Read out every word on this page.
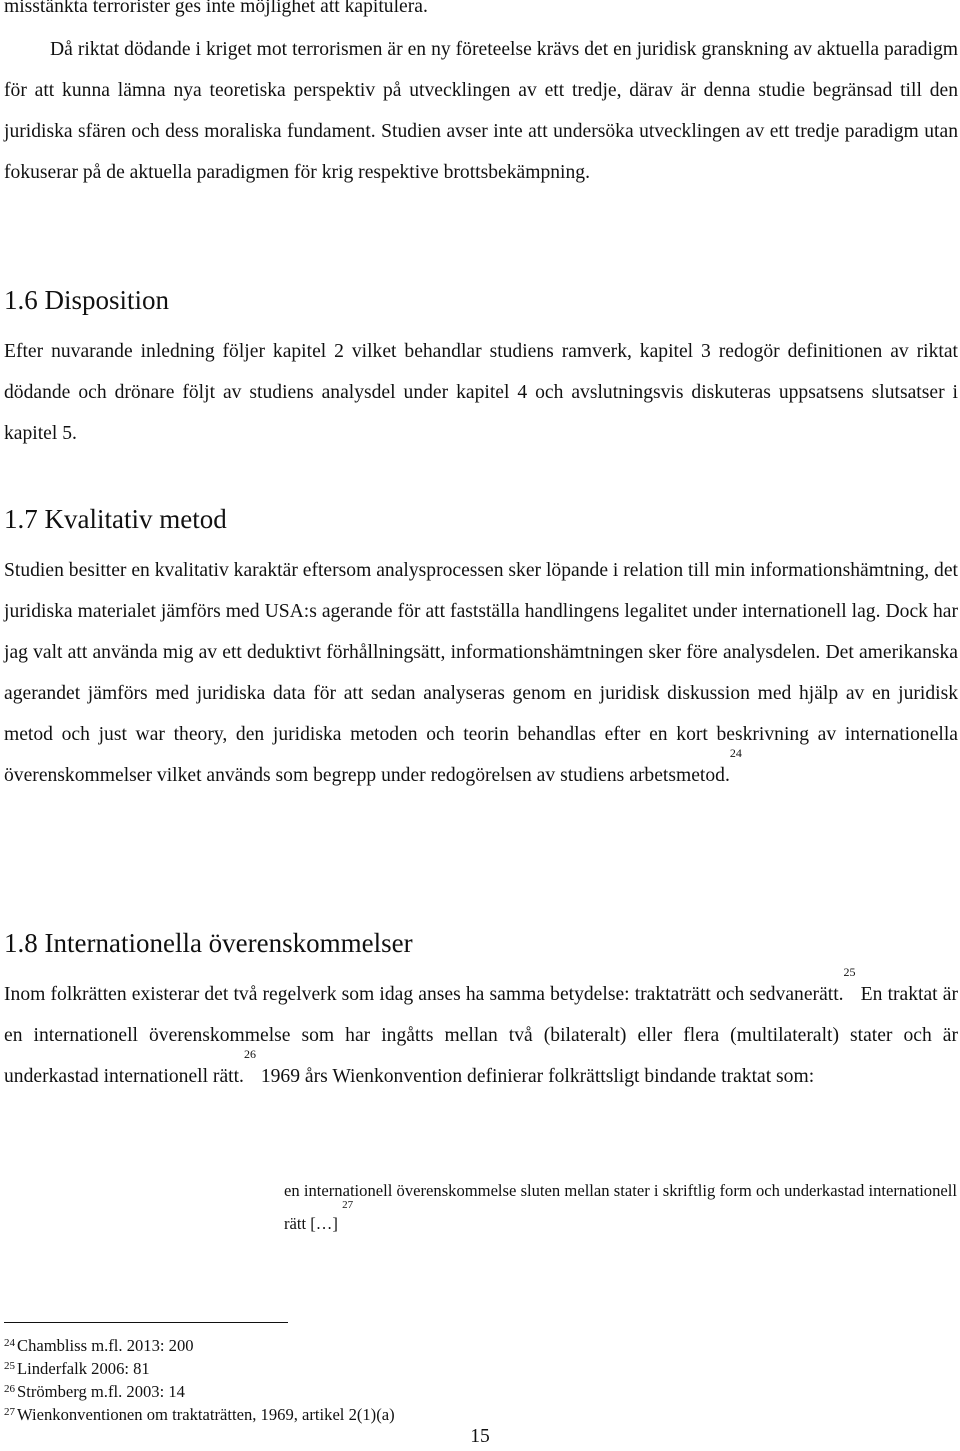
misstänkta terrorister ges inte möjlighet att kapitulera.

Då riktat dödande i kriget mot terrorismen är en ny företeelse krävs det en juridisk granskning av aktuella paradigm för att kunna lämna nya teoretiska perspektiv på utvecklingen av ett tredje, därav är denna studie begränsad till den juridiska sfären och dess moraliska fundament. Studien avser inte att undersöka utvecklingen av ett tredje paradigm utan fokuserar på de aktuella paradigmen för krig respektive brottsbekämpning.

1.6 Disposition

Efter nuvarande inledning följer kapitel 2 vilket behandlar studiens ramverk, kapitel 3 redogör definitionen av riktat dödande och drönare följt av studiens analysdel under kapitel 4 och avslutningsvis diskuteras uppsatsens slutsatser i kapitel 5.

1.7 Kvalitativ metod

Studien besitter en kvalitativ karaktär eftersom analysprocessen sker löpande i relation till min informationshämtning, det juridiska materialet jämförs med USA:s agerande för att fastställa handlingens legalitet under internationell lag. Dock har jag valt att använda mig av ett deduktivt förhållningsätt, informationshämtningen sker före analysdelen. Det amerikanska agerandet jämförs med juridiska data för att sedan analyseras genom en juridisk diskussion med hjälp av en juridisk metod och just war theory, den juridiska metoden och teorin behandlas efter en kort beskrivning av internationella överenskommelser vilket används som begrepp under redogörelsen av studiens arbetsmetod.$^{24}$

1.8 Internationella överenskommelser

Inom folkrätten existerar det två regelverk som idag anses ha samma betydelse: traktaträtt och sedvanerätt.$^{25}$ En traktat är en internationell överenskommelse som har ingåtts mellan två (bilateralt) eller flera (multilateralt) stater och är underkastad internationell rätt.$^{26}$ 1969 års Wienkonvention definierar folkrättsligt bindande traktat som:

en internationell överenskommelse sluten mellan stater i skriftlig form och underkastad internationell rätt […] $^{27}$

$^{24}$ Chambliss m.fl. 2013: 200
$^{25}$ Linderfalk 2006: 81
$^{26}$ Strömberg m.fl. 2003: 14
$^{27}$ Wienkonventionen om traktaträtten, 1969, artikel 2(1)(a)

15
